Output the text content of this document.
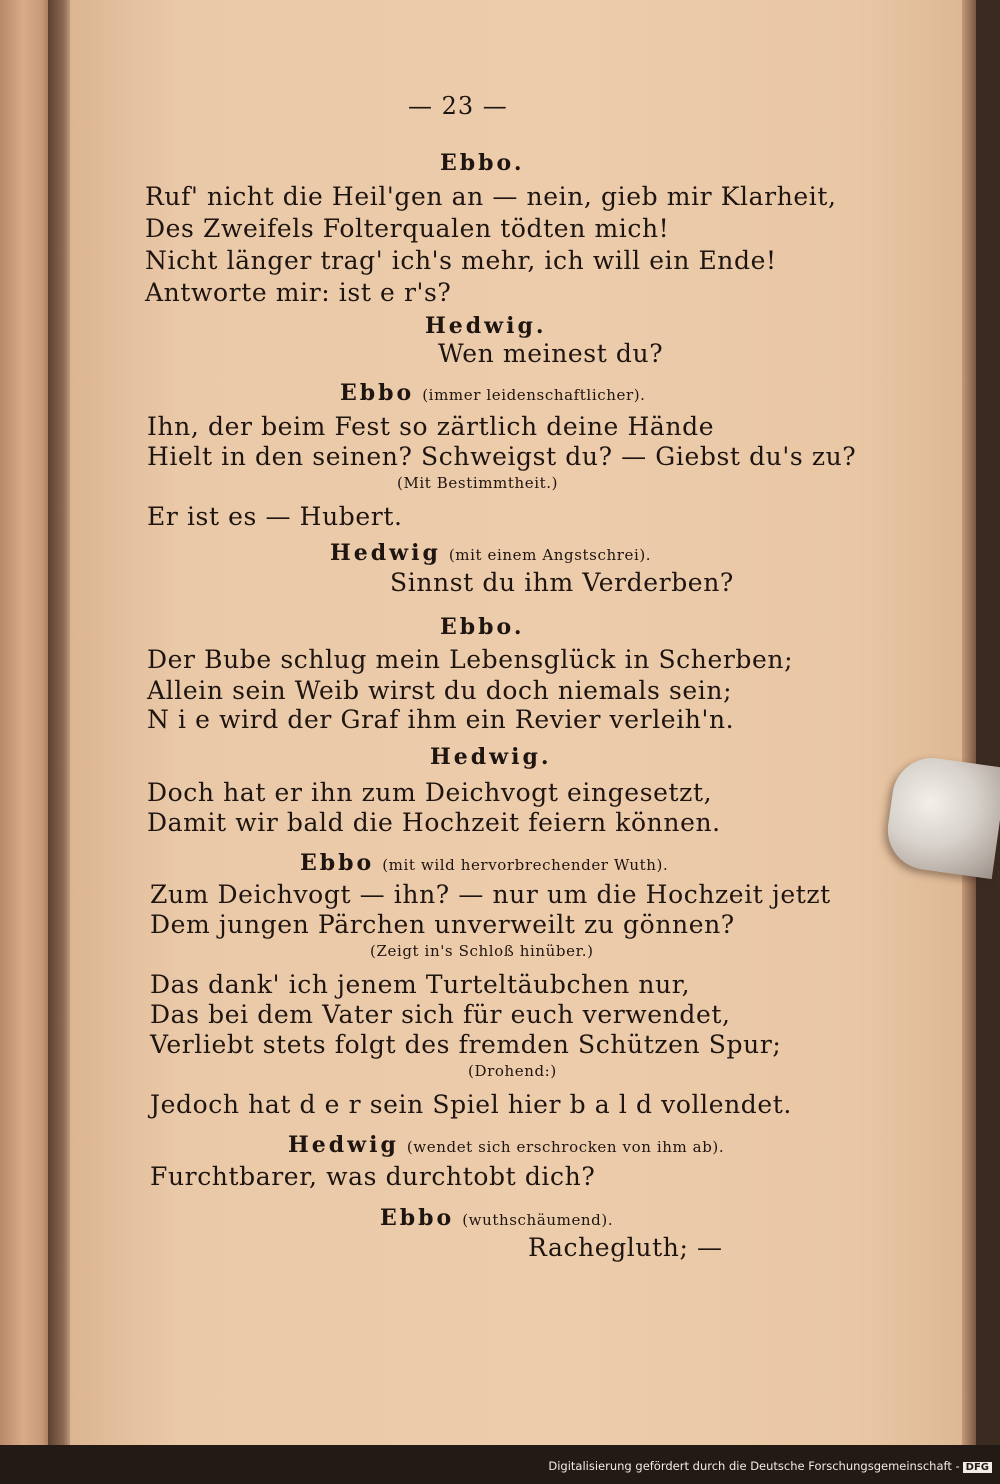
— 23 —
Ebbo.
Ruf' nicht die Heil'gen an — nein, gieb mir Klarheit,
Des Zweifels Folterqualen tödten mich!
Nicht länger trag' ich's mehr, ich will ein Ende!
Antworte mir: ist e r's?
Hedwig.
Wen meinest du?
Ebbo (immer leidenschaftlicher).
Ihn, der beim Fest so zärtlich deine Hände
Hielt in den seinen? Schweigst du? — Giebst du's zu?
(Mit Bestimmtheit.)
Er ist es — Hubert.
Hedwig (mit einem Angstschrei).
Sinnst du ihm Verderben?
Ebbo.
Der Bube schlug mein Lebensglück in Scherben;
Allein sein Weib wirst du doch niemals sein;
N i e wird der Graf ihm ein Revier verleih'n.
Hedwig.
Doch hat er ihn zum Deichvogt eingesetzt,
Damit wir bald die Hochzeit feiern können.
Ebbo (mit wild hervorbrechender Wuth).
Zum Deichvogt — ihn? — nur um die Hochzeit jetzt
Dem jungen Pärchen unverweilt zu gönnen?
(Zeigt in's Schloß hinüber.)
Das dank' ich jenem Turteltäubchen nur,
Das bei dem Vater sich für euch verwendet,
Verliebt stets folgt des fremden Schützen Spur;
(Drohend:)
Jedoch hat d e r sein Spiel hier b a l d vollendet.
Hedwig (wendet sich erschrocken von ihm ab).
Furchtbarer, was durchtobt dich?
Ebbo (wuthschäumend).
Rachegluth; —
Digitalisierung gefördert durch die Deutsche Forschungsgemeinschaft - DFG
